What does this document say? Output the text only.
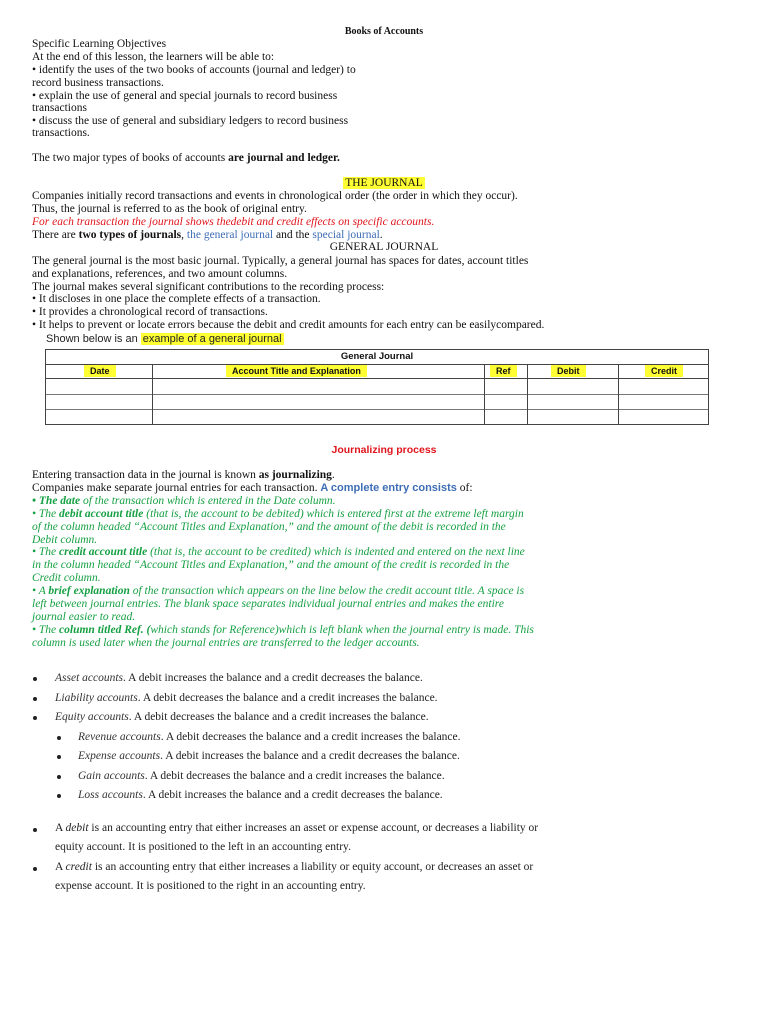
Books of Accounts
Specific Learning Objectives
At the end of this lesson, the learners will be able to:
• identify the uses of the two books of accounts (journal and ledger) to
record business transactions.
• explain the use of general and special journals to record business
transactions
• discuss the use of general and subsidiary ledgers to record business
transactions.
The two major types of books of accounts are journal and ledger.
THE JOURNAL
Companies initially record transactions and events in chronological order (the order in which they occur).
Thus, the journal is referred to as the book of original entry.
For each transaction the journal shows thedebit and credit effects on specific accounts.
There are two types of journals, the general journal and the special journal.
GENERAL JOURNAL
The general journal is the most basic journal. Typically, a general journal has spaces for dates, account titles
and explanations, references, and two amount columns.
The journal makes several significant contributions to the recording process:
• It discloses in one place the complete effects of a transaction.
• It provides a chronological record of transactions.
• It helps to prevent or locate errors because the debit and credit amounts for each entry can be easilycompared.
Shown below is an example of a general journal
General Journal
Date	Account Title and Explanation	Ref	Debit	Credit
Journalizing process
Entering transaction data in the journal is known as journalizing.
Companies make separate journal entries for each transaction. A complete entry consists of:
• The date of the transaction which is entered in the Date column.
• The debit account title (that is, the account to be debited) which is entered first at the extreme left margin
of the column headed “Account Titles and Explanation,” and the amount of the debit is recorded in the
Debit column.
• The credit account title (that is, the account to be credited) which is indented and entered on the next line
in the column headed “Account Titles and Explanation,” and the amount of the credit is recorded in the
Credit column.
• A brief explanation of the transaction which appears on the line below the credit account title. A space is
left between journal entries. The blank space separates individual journal entries and makes the entire
journal easier to read.
• The column titled Ref. (which stands for Reference)which is left blank when the journal entry is made. This
column is used later when the journal entries are transferred to the ledger accounts.
Asset accounts. A debit increases the balance and a credit decreases the balance.
Liability accounts. A debit decreases the balance and a credit increases the balance.
Equity accounts. A debit decreases the balance and a credit increases the balance.
Revenue accounts. A debit decreases the balance and a credit increases the balance.
Expense accounts. A debit increases the balance and a credit decreases the balance.
Gain accounts. A debit decreases the balance and a credit increases the balance.
Loss accounts. A debit increases the balance and a credit decreases the balance.
A debit is an accounting entry that either increases an asset or expense account, or decreases a liability or
equity account. It is positioned to the left in an accounting entry.
A credit is an accounting entry that either increases a liability or equity account, or decreases an asset or
expense account. It is positioned to the right in an accounting entry.
